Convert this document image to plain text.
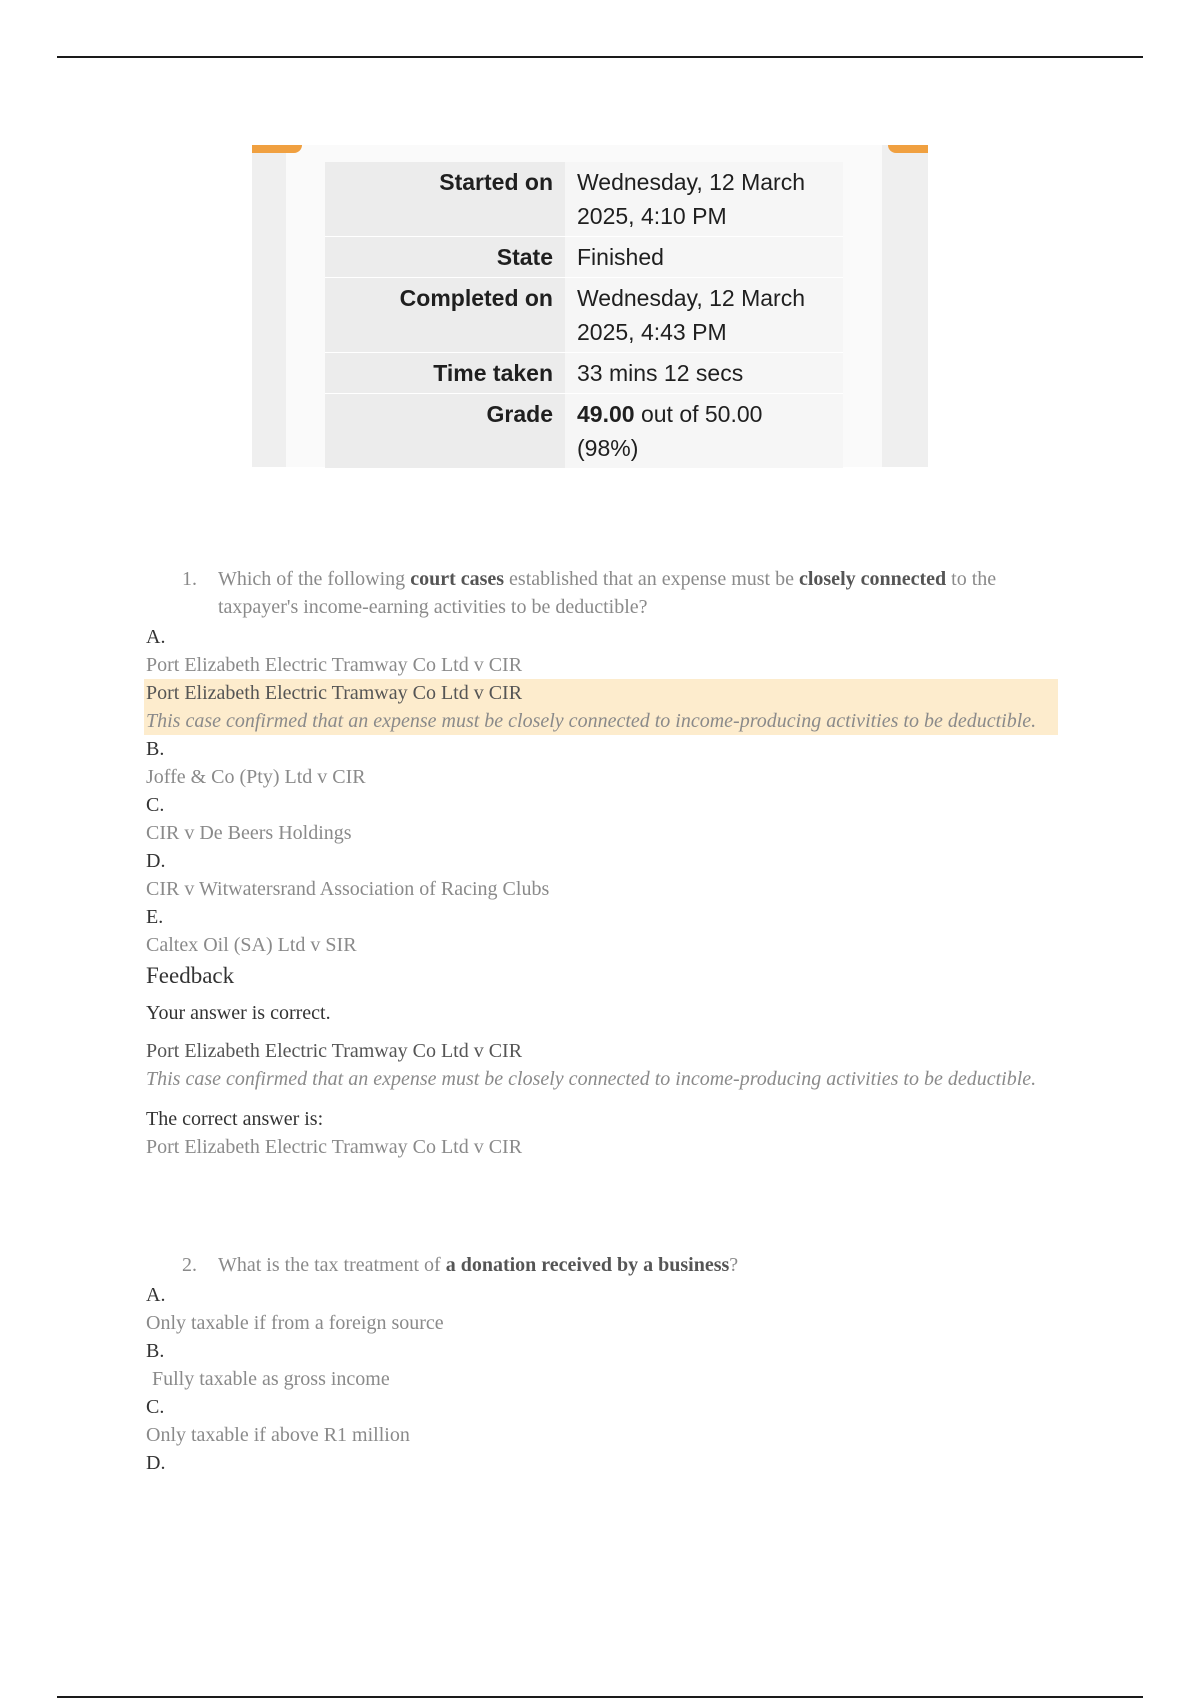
Started on	Wednesday, 12 March 2025, 4:10 PM
State	Finished
Completed on	Wednesday, 12 March 2025, 4:43 PM
Time taken	33 mins 12 secs
Grade	49.00 out of 50.00
(98%)
1.	Which of the following court cases established that an expense must be closely connected to the taxpayer's income-earning activities to be deductible?
A.
Port Elizabeth Electric Tramway Co Ltd v CIR
Port Elizabeth Electric Tramway Co Ltd v CIR
This case confirmed that an expense must be closely connected to income-producing activities to be deductible.
B.
Joffe & Co (Pty) Ltd v CIR
C.
CIR v De Beers Holdings
D.
CIR v Witwatersrand Association of Racing Clubs
E.
Caltex Oil (SA) Ltd v SIR
Feedback
Your answer is correct.
Port Elizabeth Electric Tramway Co Ltd v CIR
This case confirmed that an expense must be closely connected to income-producing activities to be deductible.
The correct answer is:
Port Elizabeth Electric Tramway Co Ltd v CIR
2.	What is the tax treatment of a donation received by a business?
A.
Only taxable if from a foreign source
B.
Fully taxable as gross income
C.
Only taxable if above R1 million
D.
